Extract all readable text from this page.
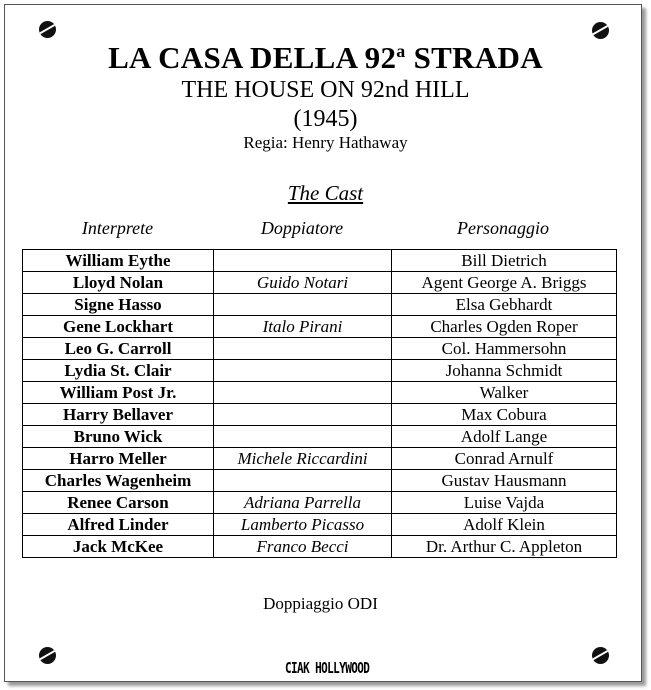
LA CASA DELLA 92$^a$ STRADA
THE HOUSE ON 92nd HILL
(1945)
Regia: Henry Hathaway
The Cast
Interprete	Doppiatore	Personaggio
William Eythe		Bill Dietrich
Lloyd Nolan	Guido Notari	Agent George A. Briggs
Signe Hasso		Elsa Gebhardt
Gene Lockhart	Italo Pirani	Charles Ogden Roper
Leo G. Carroll		Col. Hammersohn
Lydia St. Clair		Johanna Schmidt
William Post Jr.		Walker
Harry Bellaver		Max Cobura
Bruno Wick		Adolf Lange
Harro Meller	Michele Riccardini	Conrad Arnulf
Charles Wagenheim		Gustav Hausmann
Renee Carson	Adriana Parrella	Luise Vajda
Alfred Linder	Lamberto Picasso	Adolf Klein
Jack McKee	Franco Becci	Dr. Arthur C. Appleton
Doppiaggio ODI
CIAK HOLLYWOOD
